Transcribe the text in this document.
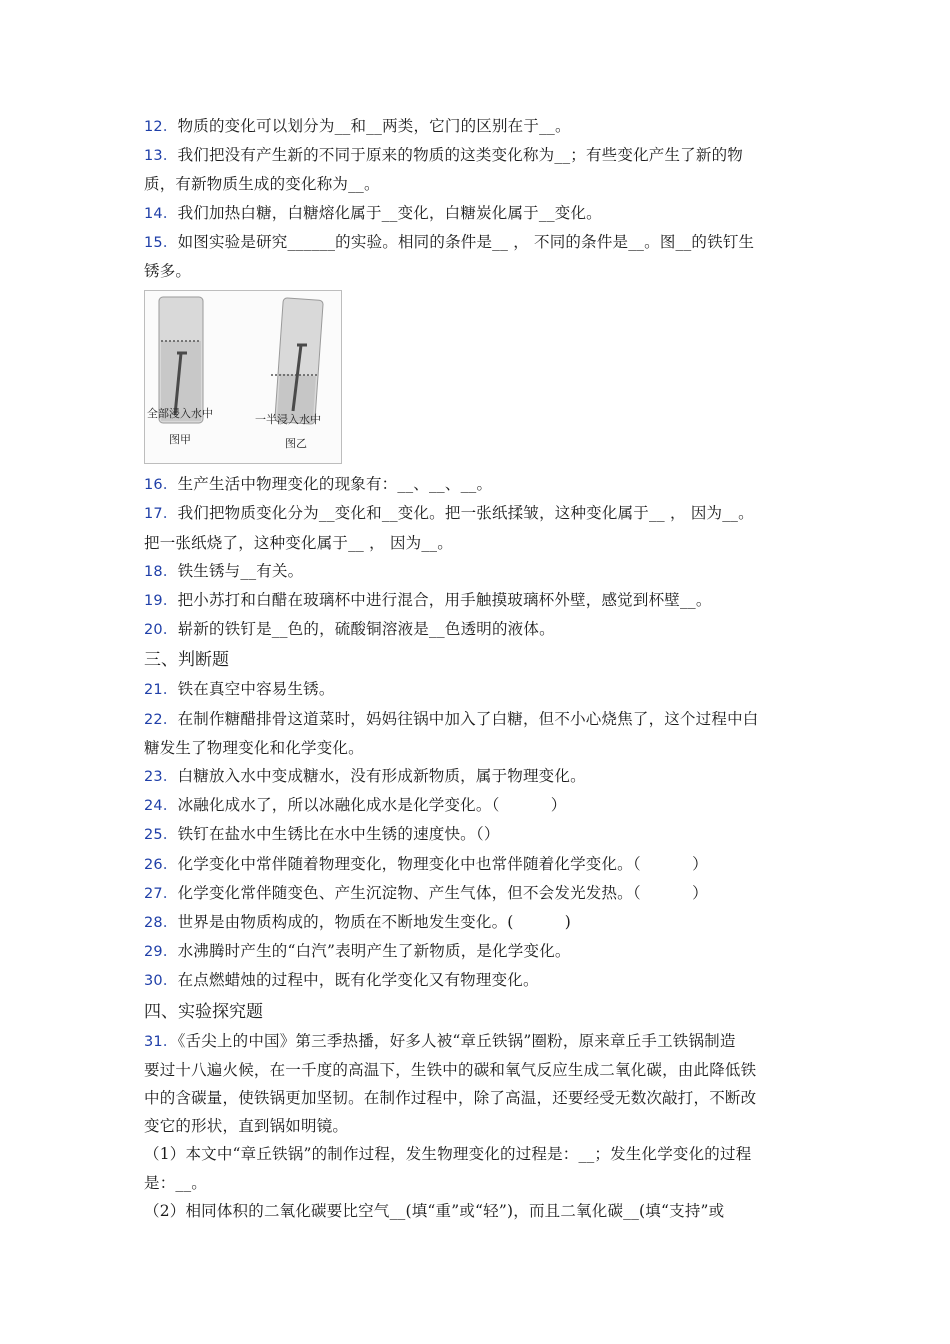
12．物质的变化可以划分为__和__两类，它门的区别在于__。
13．我们把没有产生新的不同于原来的物质的这类变化称为__；有些变化产生了新的物
质，有新物质生成的变化称为__。
14．我们加热白糖，白糖熔化属于__变化，白糖炭化属于__变化。
15．如图实验是研究______的实验。相同的条件是__ ， 不同的条件是__。图__的铁钉生
锈多。
全部浸入水中
图甲
一半浸入水中
图乙
16．生产生活中物理变化的现象有：__、__、__。
17．我们把物质变化分为__变化和__变化。把一张纸揉皱，这种变化属于__ ， 因为__。
把一张纸烧了，这种变化属于__ ， 因为__。
18．铁生锈与__有关。
19．把小苏打和白醋在玻璃杯中进行混合，用手触摸玻璃杯外壁，感觉到杯壁__。
20．崭新的铁钉是__色的，硫酸铜溶液是__色透明的液体。
三、判断题
21．铁在真空中容易生锈。
22．在制作糖醋排骨这道菜时，妈妈往锅中加入了白糖，但不小心烧焦了，这个过程中白
糖发生了物理变化和化学变化。
23．白糖放入水中变成糖水，没有形成新物质，属于物理变化。
24．冰融化成水了，所以冰融化成水是化学变化。（          ）
25．铁钉在盐水中生锈比在水中生锈的速度快。（）
26．化学变化中常伴随着物理变化，物理变化中也常伴随着化学变化。（          ）
27．化学变化常伴随变色、产生沉淀物、产生气体，但不会发光发热。（          ）
28．世界是由物质构成的，物质在不断地发生变化。(          )
29．水沸腾时产生的“白汽”表明产生了新物质，是化学变化。
30．在点燃蜡烛的过程中，既有化学变化又有物理变化。
四、实验探究题
31．《舌尖上的中国》第三季热播，好多人被“章丘铁锅”圈粉，原来章丘手工铁锅制造
要过十八遍火候，在一千度的高温下，生铁中的碳和氧气反应生成二氧化碳，由此降低铁
中的含碳量，使铁锅更加坚韧。在制作过程中，除了高温，还要经受无数次敲打，不断改
变它的形状，直到锅如明镜。
（1）本文中“章丘铁锅”的制作过程，发生物理变化的过程是：__；发生化学变化的过程
是：__。
（2）相同体积的二氧化碳要比空气__(填“重”或“轻”)，而且二氧化碳__(填“支持”或
